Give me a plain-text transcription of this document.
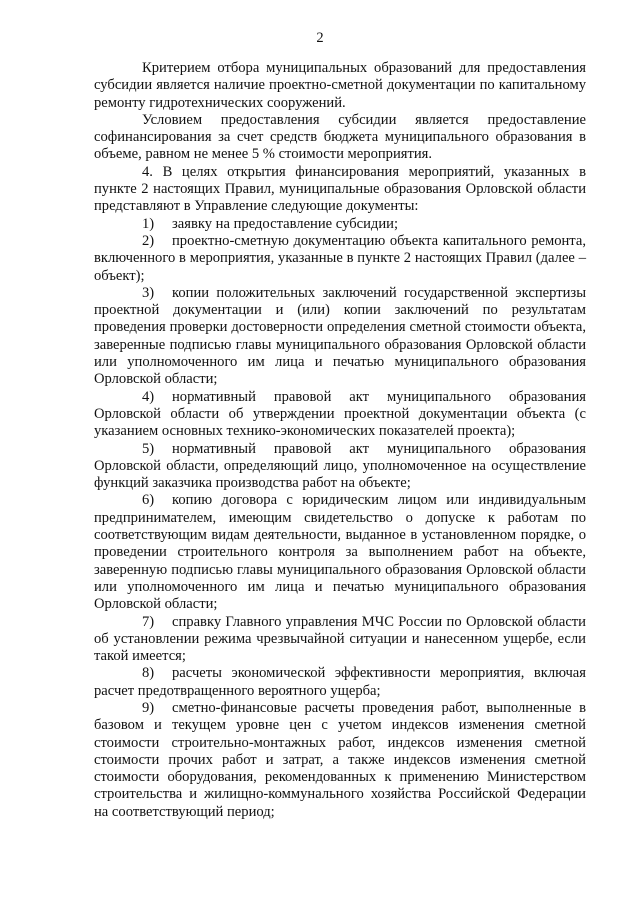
2

Критерием отбора муниципальных образований для предоставления субсидии является наличие проектно-сметной документации по капитальному ремонту гидротехнических сооружений.

Условием предоставления субсидии является предоставление софинансирования за счет средств бюджета муниципального образования в объеме, равном не менее 5 % стоимости мероприятия.

4. В целях открытия финансирования мероприятий, указанных в пункте 2 настоящих Правил, муниципальные образования Орловской области представляют в Управление следующие документы:

1) заявку на предоставление субсидии;

2) проектно-сметную документацию объекта капитального ремонта, включенного в мероприятия, указанные в пункте 2 настоящих Правил (далее – объект);

3) копии положительных заключений государственной экспертизы проектной документации и (или) копии заключений по результатам проведения проверки достоверности определения сметной стоимости объекта, заверенные подписью главы муниципального образования Орловской области или уполномоченного им лица и печатью муниципального образования Орловской области;

4) нормативный правовой акт муниципального образования Орловской области об утверждении проектной документации объекта (с указанием основных технико-экономических показателей проекта);

5) нормативный правовой акт муниципального образования Орловской области, определяющий лицо, уполномоченное на осуществление функций заказчика производства работ на объекте;

6) копию договора с юридическим лицом или индивидуальным предпринимателем, имеющим свидетельство о допуске к работам по соответствующим видам деятельности, выданное в установленном порядке, о проведении строительного контроля за выполнением работ на объекте, заверенную подписью главы муниципального образования Орловской области или уполномоченного им лица и печатью муниципального образования Орловской области;

7) справку Главного управления МЧС России по Орловской области об установлении режима чрезвычайной ситуации и нанесенном ущербе, если такой имеется;

8) расчеты экономической эффективности мероприятия, включая расчет предотвращенного вероятного ущерба;

9) сметно-финансовые расчеты проведения работ, выполненные в базовом и текущем уровне цен с учетом индексов изменения сметной стоимости строительно-монтажных работ, индексов изменения сметной стоимости прочих работ и затрат, а также индексов изменения сметной стоимости оборудования, рекомендованных к применению Министерством строительства и жилищно-коммунального хозяйства Российской Федерации на соответствующий период;
